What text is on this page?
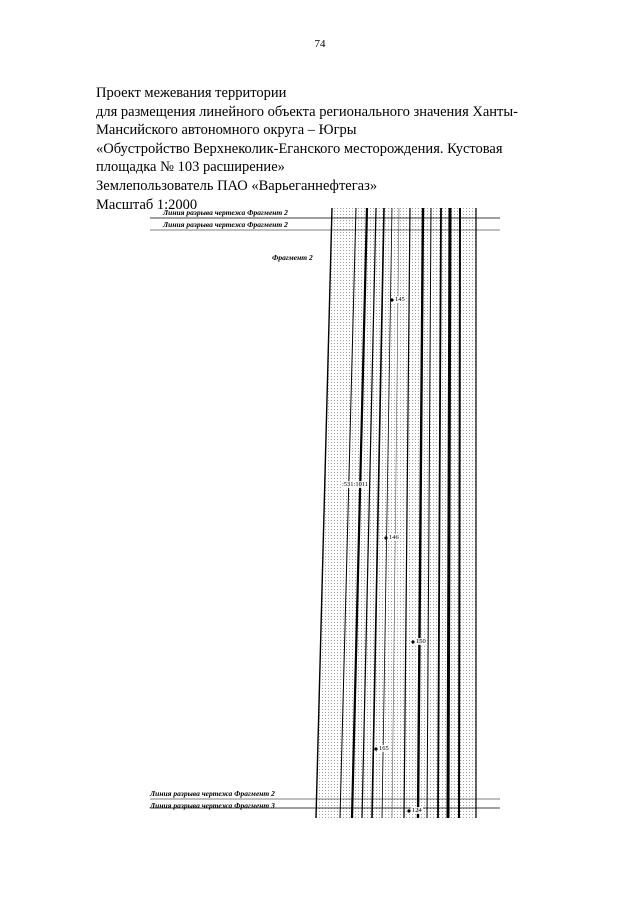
74
Проект межевания территории
для размещения линейного объекта регионального значения Ханты-
Мансийского автономного округа – Югры
«Обустройство Верхнеколик-Еганского месторождения. Кустовая
площадка № 103 расширение»
Землепользователь ПАО «Варьеганнефтегаз»
Масштаб 1:2000
Линия разрыва чертежа Фрагмент 2
Линия разрыва чертежа Фрагмент 2
Фрагмент 2
Линия разрыва чертежа Фрагмент 2
Линия разрыва чертежа Фрагмент 3
:531:1011
145
146
150
165
124
